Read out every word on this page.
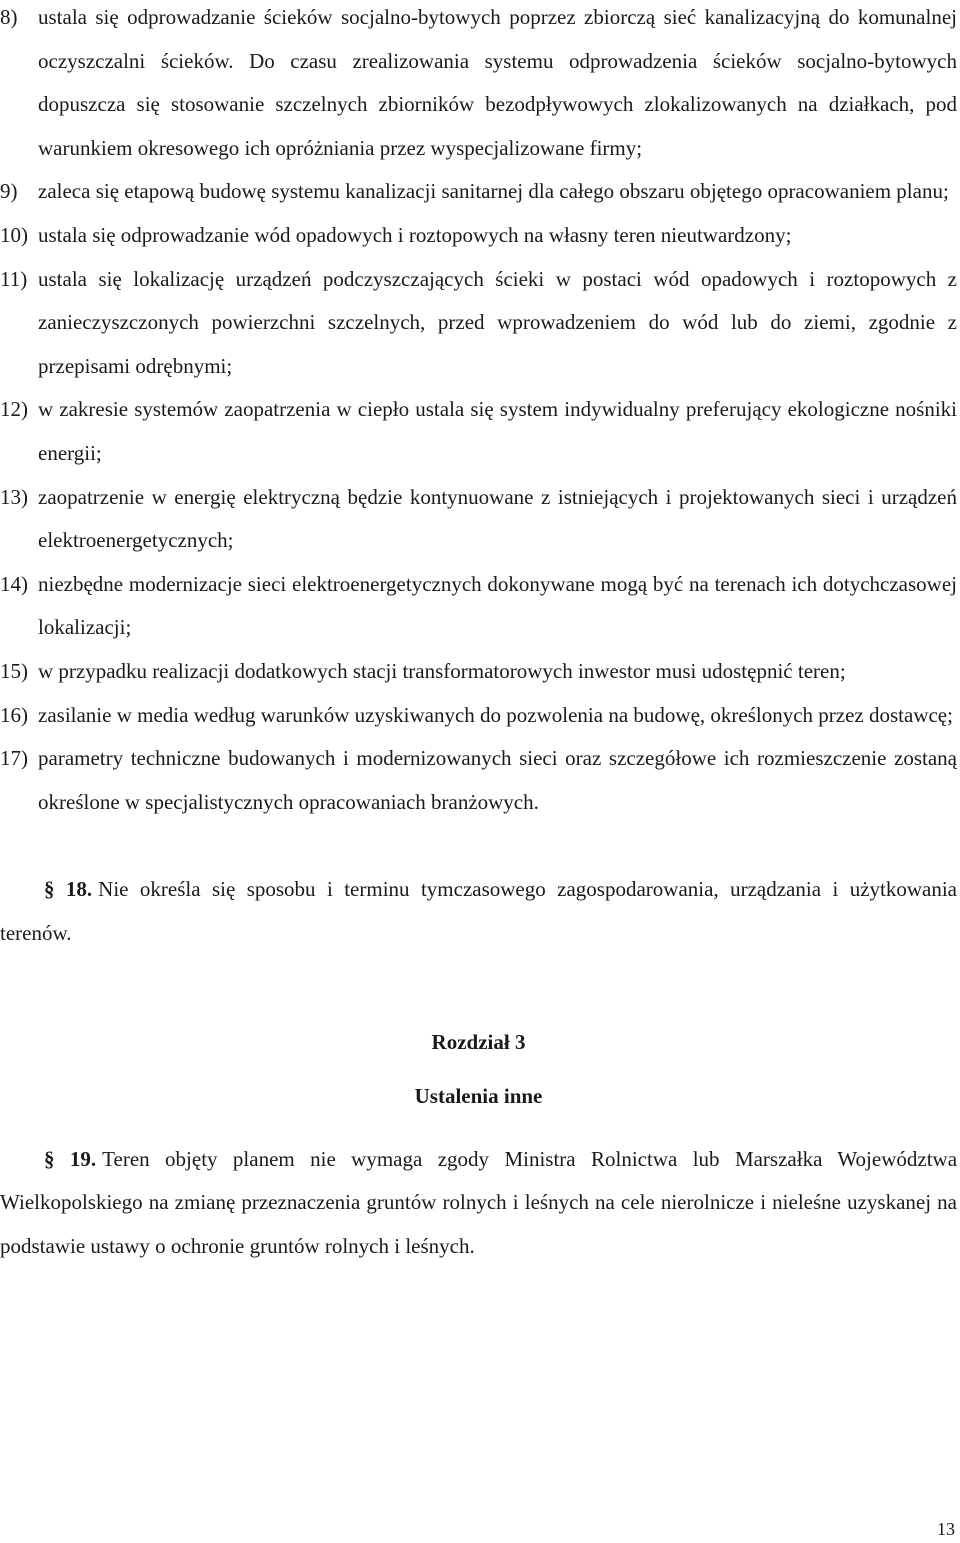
8) ustala się odprowadzanie ścieków socjalno-bytowych poprzez zbiorczą sieć kanalizacyjną do komunalnej oczyszczalni ścieków. Do czasu zrealizowania systemu odprowadzenia ścieków socjalno-bytowych dopuszcza się stosowanie szczelnych zbiorników bezodpływowych zlokalizowanych na działkach, pod warunkiem okresowego ich opróżniania przez wyspecjalizowane firmy;
9) zaleca się etapową budowę systemu kanalizacji sanitarnej dla całego obszaru objętego opracowaniem planu;
10) ustala się odprowadzanie wód opadowych i roztopowych na własny teren nieutwardzony;
11) ustala się lokalizację urządzeń podczyszczających ścieki w postaci wód opadowych i roztopowych z zanieczyszczonych powierzchni szczelnych, przed wprowadzeniem do wód lub do ziemi, zgodnie z przepisami odrębnymi;
12) w zakresie systemów zaopatrzenia w ciepło ustala się system indywidualny preferujący ekologiczne nośniki energii;
13) zaopatrzenie w energię elektryczną będzie kontynuowane z istniejących i projektowanych sieci i urządzeń elektroenergetycznych;
14) niezbędne modernizacje sieci elektroenergetycznych dokonywane mogą być na terenach ich dotychczasowej lokalizacji;
15) w przypadku realizacji dodatkowych stacji transformatorowych inwestor musi udostępnić teren;
16) zasilanie w media według warunków uzyskiwanych do pozwolenia na budowę, określonych przez dostawcę;
17) parametry techniczne budowanych i modernizowanych sieci oraz szczegółowe ich rozmieszczenie zostaną określone w specjalistycznych opracowaniach branżowych.

§ 18. Nie określa się sposobu i terminu tymczasowego zagospodarowania, urządzania i użytkowania terenów.

Rozdział 3

Ustalenia inne

§ 19. Teren objęty planem nie wymaga zgody Ministra Rolnictwa lub Marszałka Województwa Wielkopolskiego na zmianę przeznaczenia gruntów rolnych i leśnych na cele nierolnicze i nieleśne uzyskanej na podstawie ustawy o ochronie gruntów rolnych i leśnych.

13
